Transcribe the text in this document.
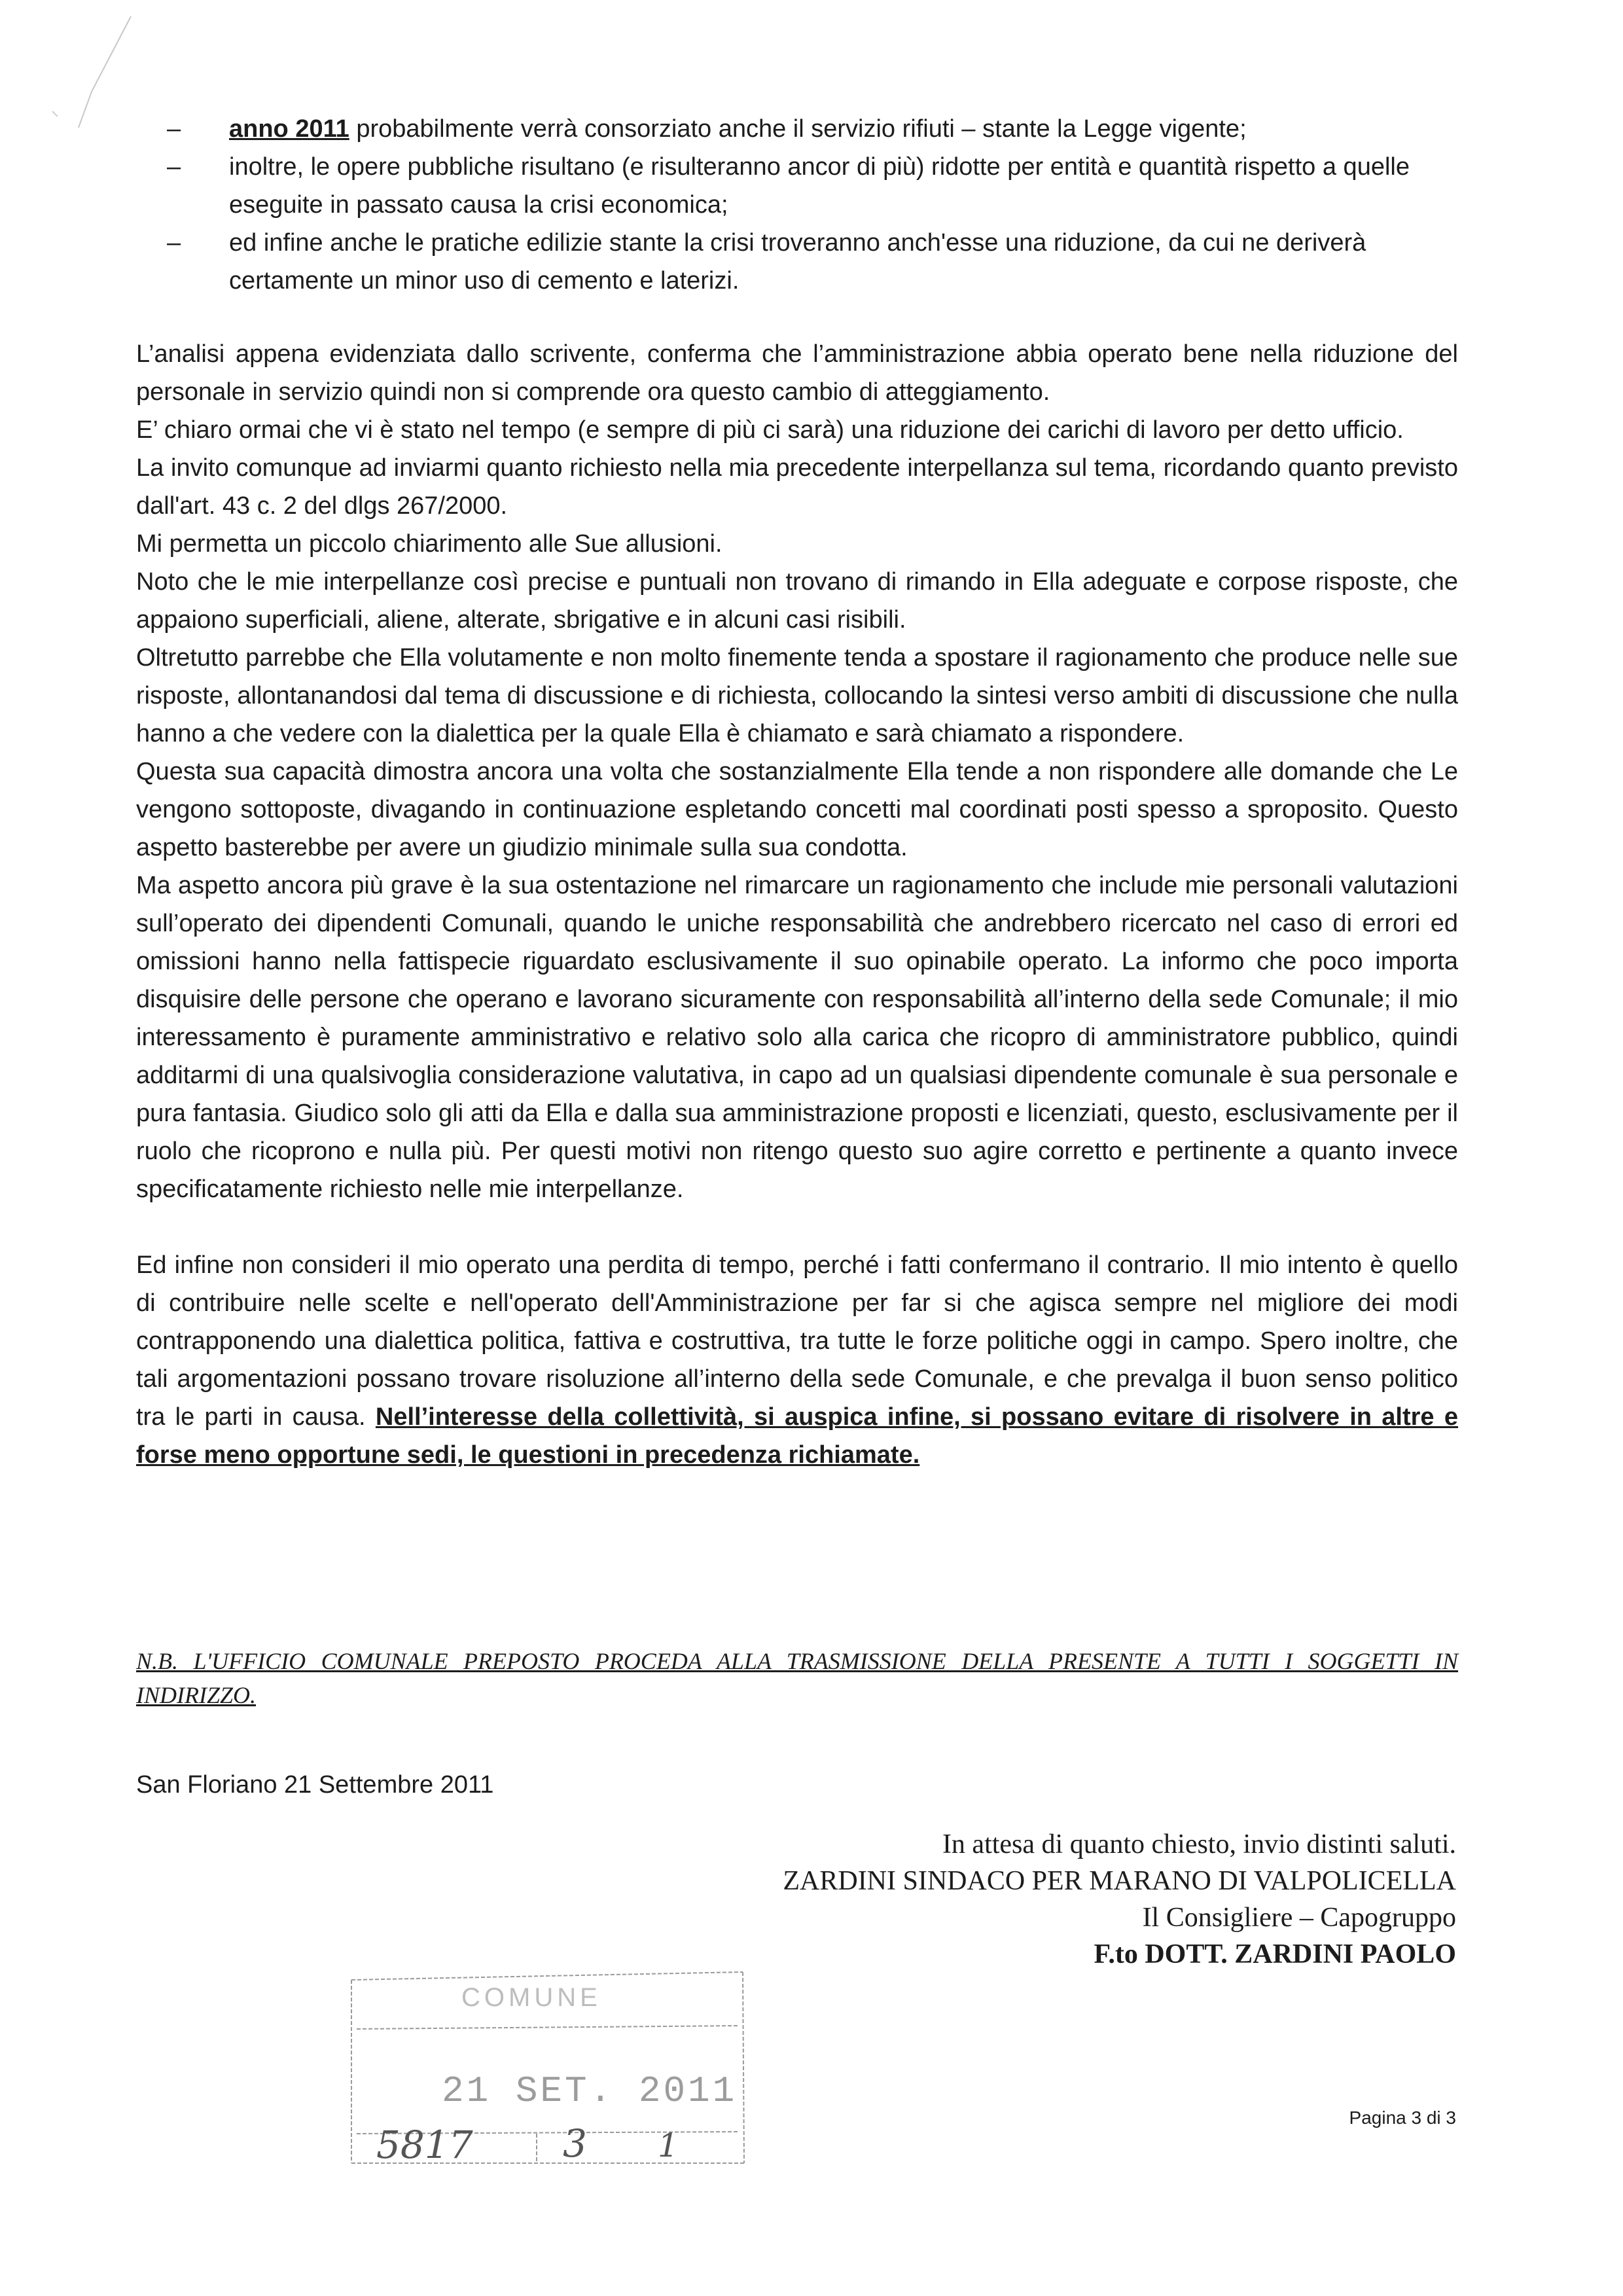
– anno 2011 probabilmente verrà consorziato anche il servizio rifiuti – stante la Legge vigente;
– inoltre, le opere pubbliche risultano (e risulteranno ancor di più) ridotte per entità e quantità rispetto a quelle eseguite in passato causa la crisi economica;
– ed infine anche le pratiche edilizie stante la crisi troveranno anch'esse una riduzione, da cui ne deriverà certamente un minor uso di cemento e laterizi.

L’analisi appena evidenziata dallo scrivente, conferma che l’amministrazione abbia operato bene nella riduzione del personale in servizio quindi non si comprende ora questo cambio di atteggiamento.

E’ chiaro ormai che vi è stato nel tempo (e sempre di più ci sarà) una riduzione dei carichi di lavoro per detto ufficio.

La invito comunque ad inviarmi quanto richiesto nella mia precedente interpellanza sul tema, ricordando quanto previsto dall'art. 43 c. 2 del dlgs 267/2000.

Mi permetta un piccolo chiarimento alle Sue allusioni.

Noto che le mie interpellanze così precise e puntuali non trovano di rimando in Ella adeguate e corpose risposte, che appaiono superficiali, aliene, alterate, sbrigative e in alcuni casi risibili.

Oltretutto parrebbe che Ella volutamente e non molto finemente tenda a spostare il ragionamento che produce nelle sue risposte, allontanandosi dal tema di discussione e di richiesta, collocando la sintesi verso ambiti di discussione che nulla hanno a che vedere con la dialettica per la quale Ella è chiamato e sarà chiamato a rispondere.

Questa sua capacità dimostra ancora una volta che sostanzialmente Ella tende a non rispondere alle domande che Le vengono sottoposte, divagando in continuazione espletando concetti mal coordinati posti spesso a sproposito. Questo aspetto basterebbe per avere un giudizio minimale sulla sua condotta.

Ma aspetto ancora più grave è la sua ostentazione nel rimarcare un ragionamento che include mie personali valutazioni sull’operato dei dipendenti Comunali, quando le uniche responsabilità che andrebbero ricercato nel caso di errori ed omissioni hanno nella fattispecie riguardato esclusivamente il suo opinabile operato. La informo che poco importa disquisire delle persone che operano e lavorano sicuramente con responsabilità all’interno della sede Comunale; il mio interessamento è puramente amministrativo e relativo solo alla carica che ricopro di amministratore pubblico, quindi additarmi di una qualsivoglia considerazione valutativa, in capo ad un qualsiasi dipendente comunale è sua personale e pura fantasia. Giudico solo gli atti da Ella e dalla sua amministrazione proposti e licenziati, questo, esclusivamente per il ruolo che ricoprono e nulla più. Per questi motivi non ritengo questo suo agire corretto e pertinente a quanto invece specificatamente richiesto nelle mie interpellanze.

Ed infine non consideri il mio operato una perdita di tempo, perché i fatti confermano il contrario. Il mio intento è quello di contribuire nelle scelte e nell'operato dell'Amministrazione per far si che agisca sempre nel migliore dei modi contrapponendo una dialettica politica, fattiva e costruttiva, tra tutte le forze politiche oggi in campo. Spero inoltre, che tali argomentazioni possano trovare risoluzione all’interno della sede Comunale, e che prevalga il buon senso politico tra le parti in causa. Nell’interesse della collettività, si auspica infine, si possano evitare di risolvere in altre e forse meno opportune sedi, le questioni in precedenza richiamate.

N.B. L'UFFICIO COMUNALE PREPOSTO PROCEDA ALLA TRASMISSIONE DELLA PRESENTE A TUTTI I SOGGETTI IN INDIRIZZO.
San Floriano 21 Settembre 2011
In attesa di quanto chiesto, invio distinti saluti.
ZARDINI SINDACO PER MARANO DI VALPOLICELLA
Il Consigliere – Capogruppo
F.to DOTT. ZARDINI PAOLO
COMUNE
21 SET. 2011
5817 3 1
Pagina 3 di 3
